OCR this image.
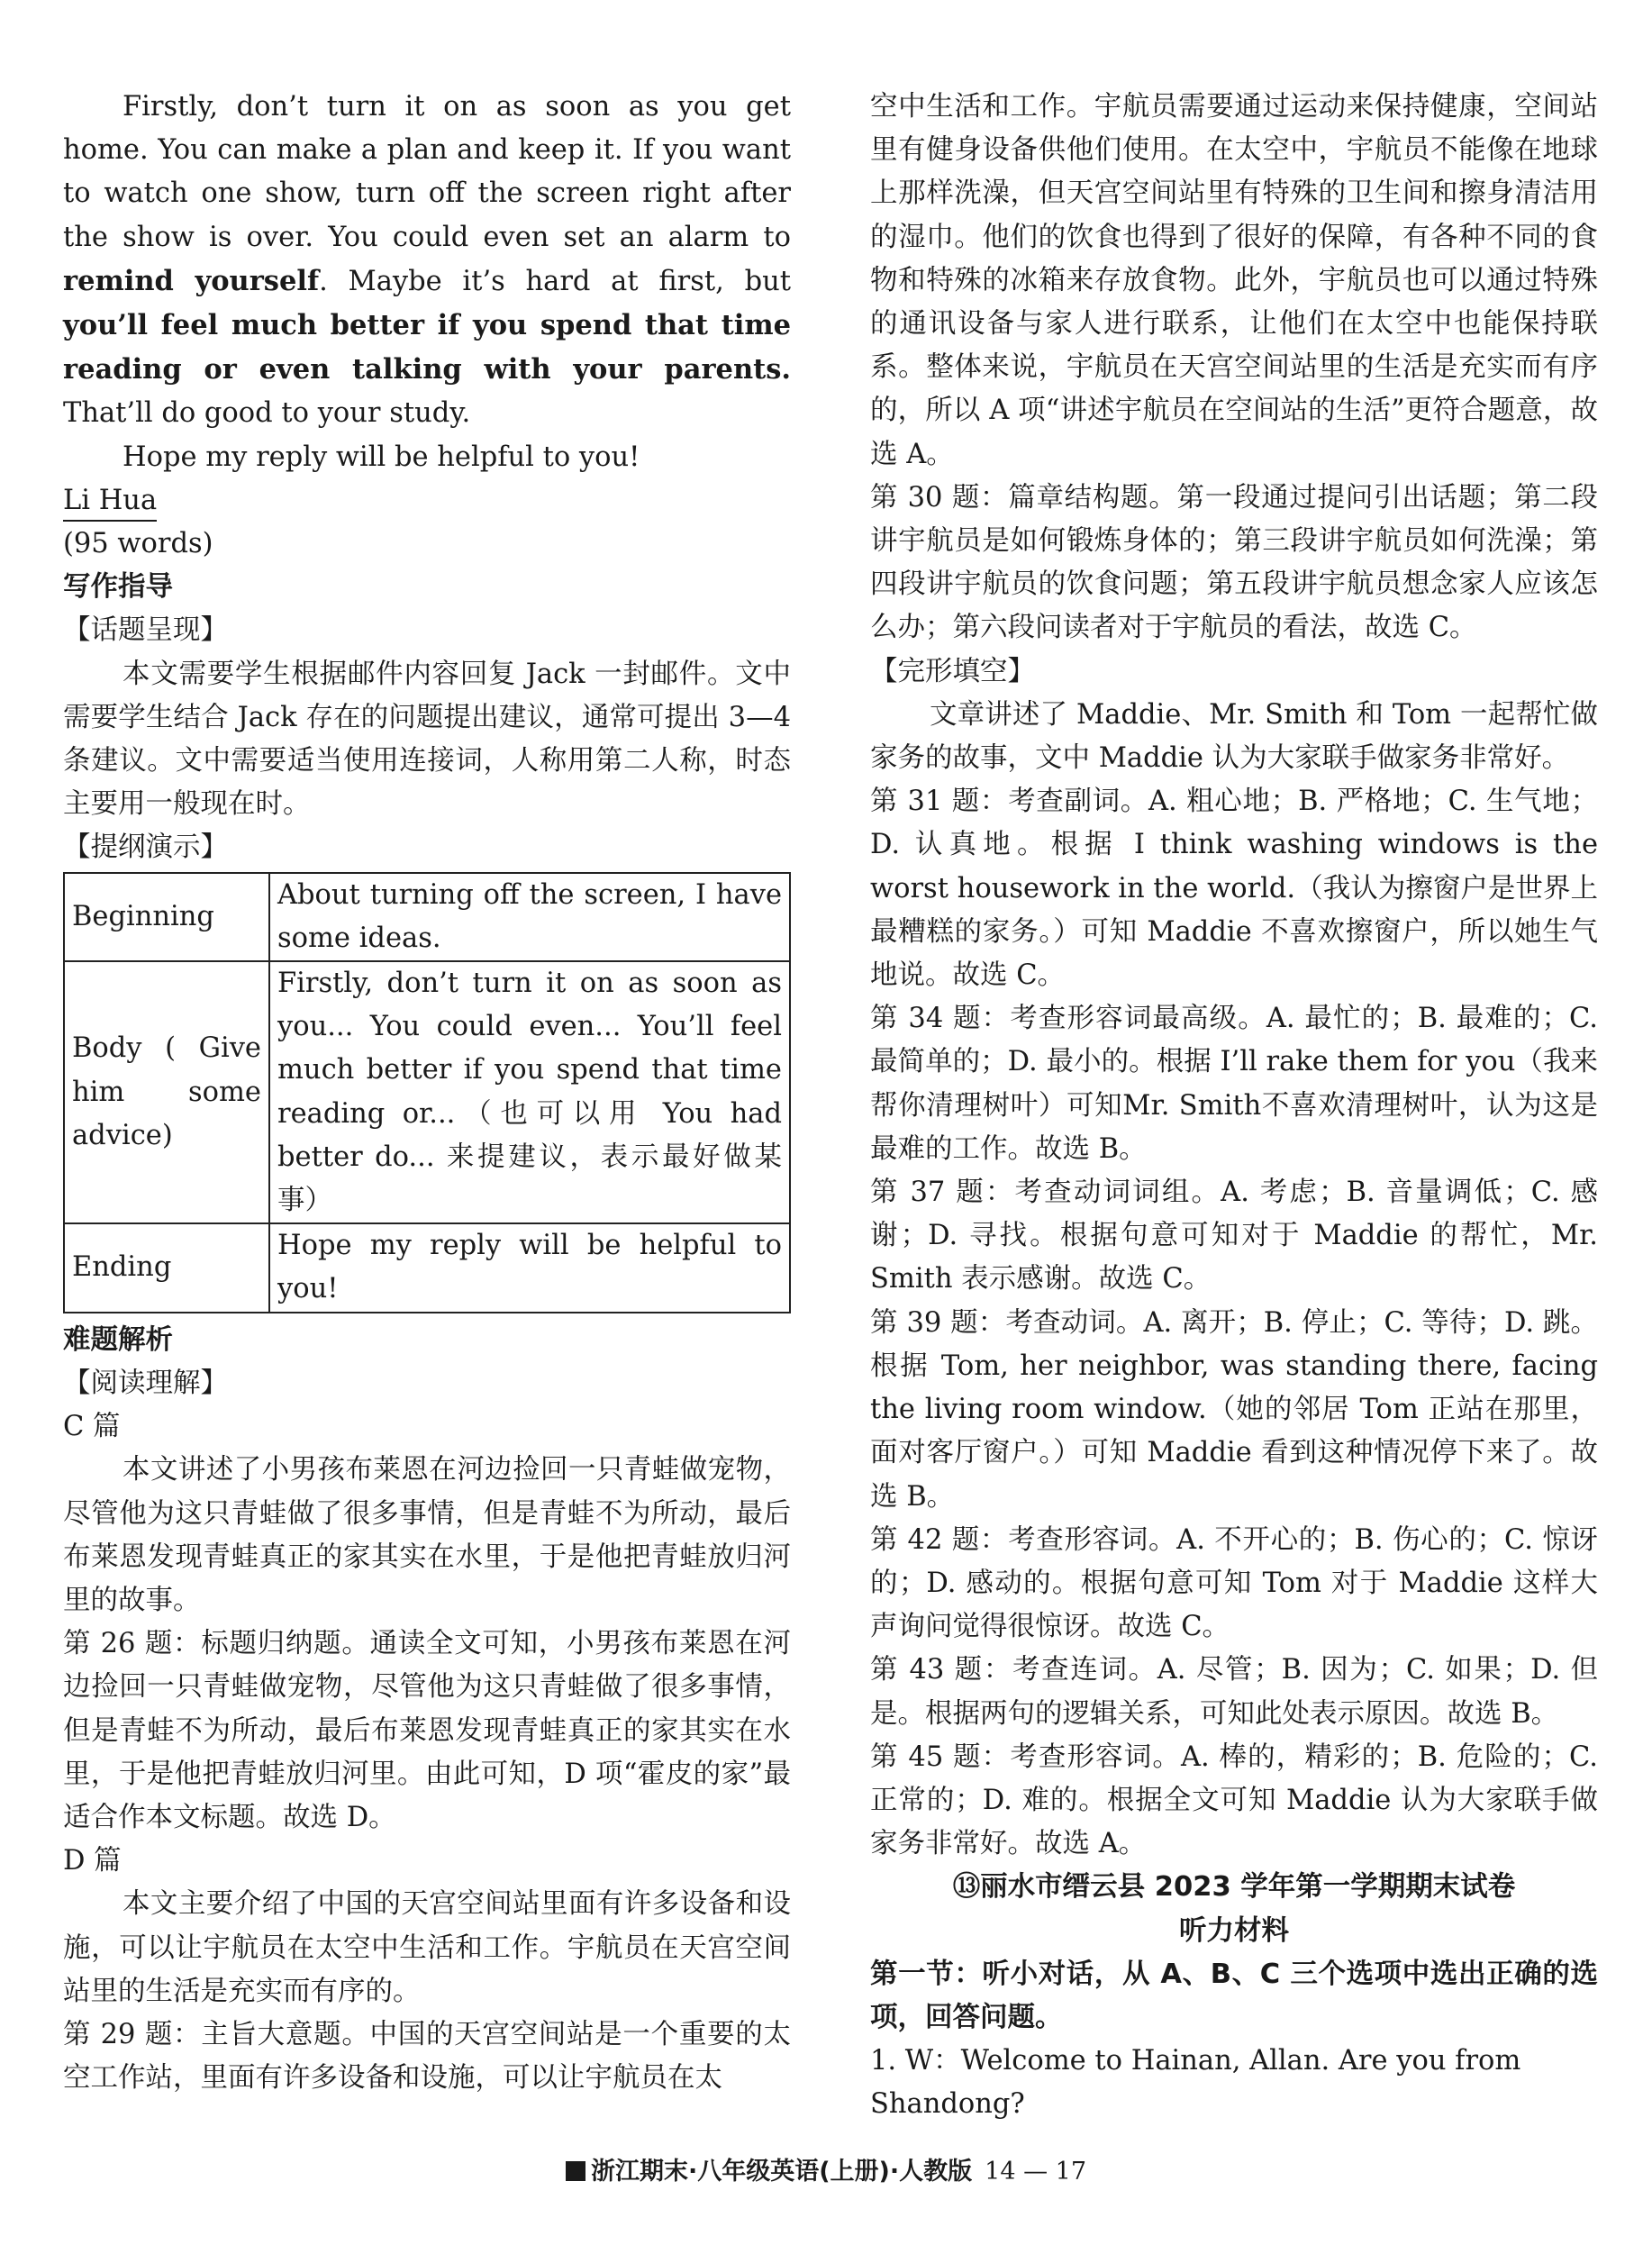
Firstly, don’t turn it on as soon as you get home. You can make a plan and keep it. If you want to watch one show, turn off the screen right after the show is over. You could even set an alarm to remind yourself. Maybe it’s hard at first, but you’ll feel much better if you spend that time reading or even talking with your parents. That’ll do good to your study.

Hope my reply will be helpful to you!

Li Hua

(95 words)

写作指导

【话题呈现】

本文需要学生根据邮件内容回复 Jack 一封邮件。文中需要学生结合 Jack 存在的问题提出建议，通常可提出 3—4 条建议。文中需要适当使用连接词，人称用第二人称，时态主要用一般现在时。

【提纲演示】

Beginning	About turning off the screen, I have some ideas.
Body ( Give him some advice)	Firstly, don’t turn it on as soon as you... You could even... You’ll feel much better if you spend that time reading or...（也可以用 You had better do... 来提建议，表示最好做某事）
Ending	Hope my reply will be helpful to you!

难题解析

【阅读理解】

C 篇

本文讲述了小男孩布莱恩在河边捡回一只青蛙做宠物，尽管他为这只青蛙做了很多事情，但是青蛙不为所动，最后布莱恩发现青蛙真正的家其实在水里，于是他把青蛙放归河里的故事。

第 26 题：标题归纳题。通读全文可知，小男孩布莱恩在河边捡回一只青蛙做宠物，尽管他为这只青蛙做了很多事情，但是青蛙不为所动，最后布莱恩发现青蛙真正的家其实在水里，于是他把青蛙放归河里。由此可知，D 项“霍皮的家”最适合作本文标题。故选 D。

D 篇

本文主要介绍了中国的天宫空间站里面有许多设备和设施，可以让宇航员在太空中生活和工作。宇航员在天宫空间站里的生活是充实而有序的。

第 29 题：主旨大意题。中国的天宫空间站是一个重要的太空工作站，里面有许多设备和设施，可以让宇航员在太

空中生活和工作。宇航员需要通过运动来保持健康，空间站里有健身设备供他们使用。在太空中，宇航员不能像在地球上那样洗澡，但天宫空间站里有特殊的卫生间和擦身清洁用的湿巾。他们的饮食也得到了很好的保障，有各种不同的食物和特殊的冰箱来存放食物。此外，宇航员也可以通过特殊的通讯设备与家人进行联系，让他们在太空中也能保持联系。整体来说，宇航员在天宫空间站里的生活是充实而有序的，所以 A 项“讲述宇航员在空间站的生活”更符合题意，故选 A。

第 30 题：篇章结构题。第一段通过提问引出话题；第二段讲宇航员是如何锻炼身体的；第三段讲宇航员如何洗澡；第四段讲宇航员的饮食问题；第五段讲宇航员想念家人应该怎么办；第六段问读者对于宇航员的看法，故选 C。

【完形填空】

文章讲述了 Maddie、Mr. Smith 和 Tom 一起帮忙做家务的故事，文中 Maddie 认为大家联手做家务非常好。

第 31 题：考查副词。A. 粗心地；B. 严格地；C. 生气地；D. 认真地。根据 I think washing windows is the worst housework in the world.（我认为擦窗户是世界上最糟糕的家务。）可知 Maddie 不喜欢擦窗户，所以她生气地说。故选 C。

第 34 题：考查形容词最高级。A. 最忙的；B. 最难的；C. 最简单的；D. 最小的。根据 I’ll rake them for you（我来帮你清理树叶）可知Mr. Smith不喜欢清理树叶，认为这是最难的工作。故选 B。

第 37 题：考查动词词组。A. 考虑；B. 音量调低；C. 感谢；D. 寻找。根据句意可知对于 Maddie 的帮忙，Mr. Smith 表示感谢。故选 C。

第 39 题：考查动词。A. 离开；B. 停止；C. 等待；D. 跳。根据 Tom, her neighbor, was standing there, facing the living room window.（她的邻居 Tom 正站在那里，面对客厅窗户。）可知 Maddie 看到这种情况停下来了。故选 B。

第 42 题：考查形容词。A. 不开心的；B. 伤心的；C. 惊讶的；D. 感动的。根据句意可知 Tom 对于 Maddie 这样大声询问觉得很惊讶。故选 C。

第 43 题：考查连词。A. 尽管；B. 因为；C. 如果；D. 但是。根据两句的逻辑关系，可知此处表示原因。故选 B。

第 45 题：考查形容词。A. 棒的，精彩的；B. 危险的；C. 正常的；D. 难的。根据全文可知 Maddie 认为大家联手做家务非常好。故选 A。

⑬丽水市缙云县 2023 学年第一学期期末试卷

听力材料

第一节：听小对话，从 A、B、C 三个选项中选出正确的选项，回答问题。

1. W：Welcome to Hainan, Allan. Are you from Shandong?

浙江期末·八年级英语(上册)·人教版 14 — 17
